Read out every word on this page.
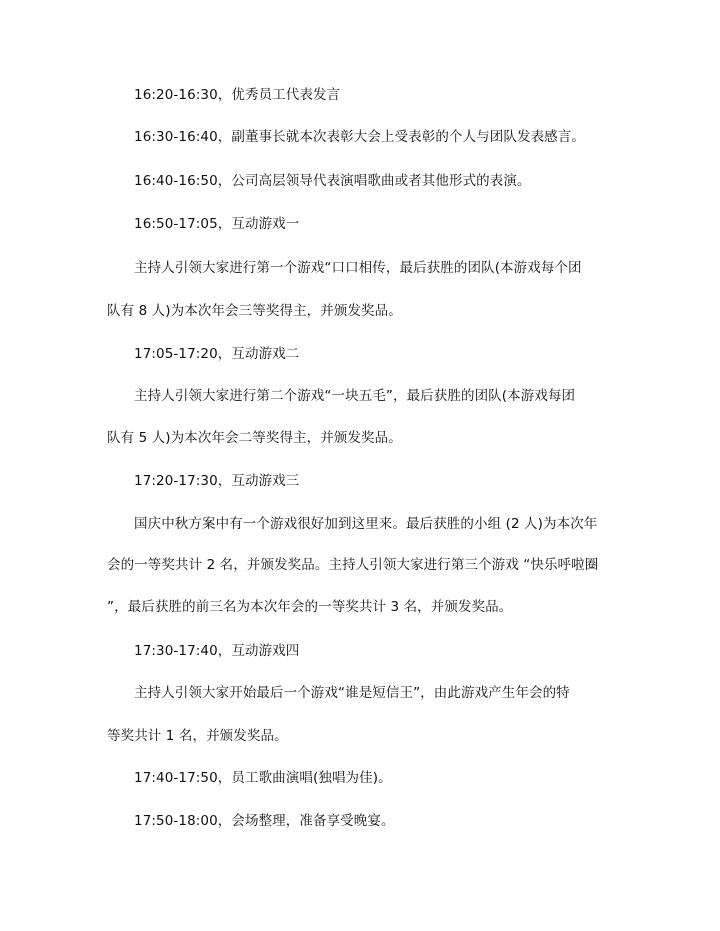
16:20-16:30，优秀员工代表发言
16:30-16:40，副董事长就本次表彰大会上受表彰的个人与团队发表感言。
16:40-16:50，公司高层领导代表演唱歌曲或者其他形式的表演。
16:50-17:05，互动游戏一
主持人引领大家进行第一个游戏“口口相传，最后获胜的团队(本游戏每个团
队有 8 人)为本次年会三等奖得主，并颁发奖品。
17:05-17:20，互动游戏二
主持人引领大家进行第二个游戏“一块五毛”，最后获胜的团队(本游戏每团
队有 5 人)为本次年会二等奖得主，并颁发奖品。
17:20-17:30，互动游戏三
国庆中秋方案中有一个游戏很好加到这里来。最后获胜的小组 (2 人)为本次年
会的一等奖共计 2 名，并颁发奖品。主持人引领大家进行第三个游戏 “快乐呼啦圈
”，最后获胜的前三名为本次年会的一等奖共计 3 名，并颁发奖品。
17:30-17:40，互动游戏四
主持人引领大家开始最后一个游戏“谁是短信王”，由此游戏产生年会的特
等奖共计 1 名，并颁发奖品。
17:40-17:50，员工歌曲演唱(独唱为佳)。
17:50-18:00，会场整理，准备享受晚宴。
